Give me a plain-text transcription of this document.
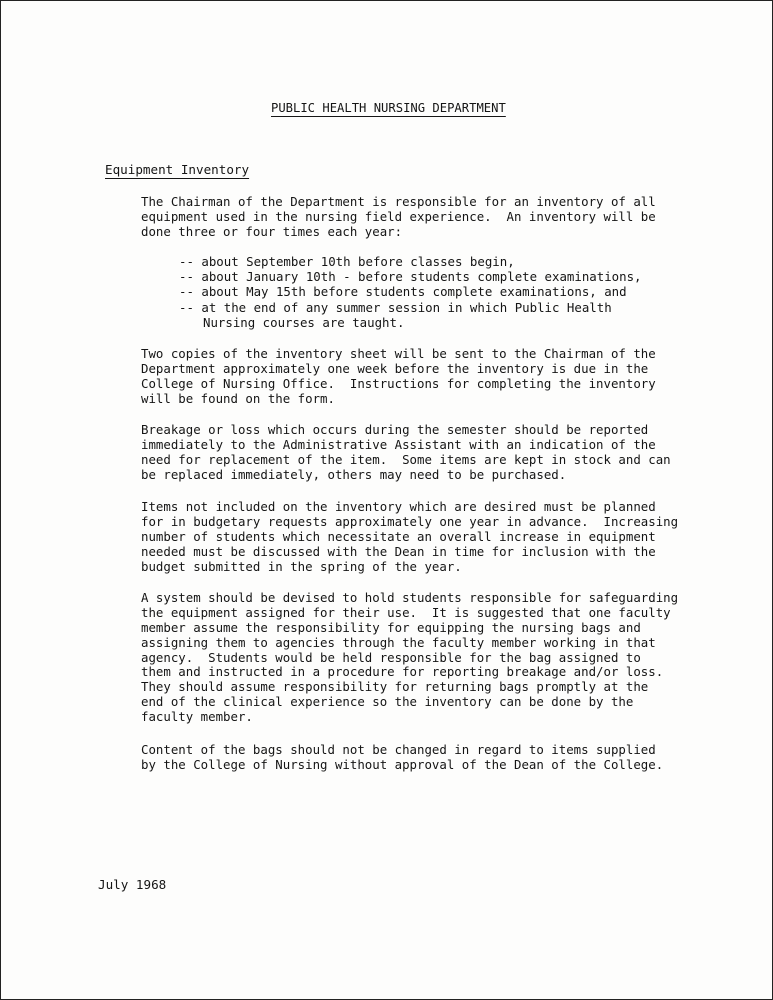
PUBLIC HEALTH NURSING DEPARTMENT
Equipment Inventory
The Chairman of the Department is responsible for an inventory of all
equipment used in the nursing field experience.  An inventory will be
done three or four times each year:
-- about September 10th before classes begin,
-- about January 10th - before students complete examinations,
-- about May 15th before students complete examinations, and
-- at the end of any summer session in which Public Health
Nursing courses are taught.
Two copies of the inventory sheet will be sent to the Chairman of the
Department approximately one week before the inventory is due in the
College of Nursing Office.  Instructions for completing the inventory
will be found on the form.
Breakage or loss which occurs during the semester should be reported
immediately to the Administrative Assistant with an indication of the
need for replacement of the item.  Some items are kept in stock and can
be replaced immediately, others may need to be purchased.
Items not included on the inventory which are desired must be planned
for in budgetary requests approximately one year in advance.  Increasing
number of students which necessitate an overall increase in equipment
needed must be discussed with the Dean in time for inclusion with the
budget submitted in the spring of the year.
A system should be devised to hold students responsible for safeguarding
the equipment assigned for their use.  It is suggested that one faculty
member assume the responsibility for equipping the nursing bags and
assigning them to agencies through the faculty member working in that
agency.  Students would be held responsible for the bag assigned to
them and instructed in a procedure for reporting breakage and/or loss.
They should assume responsibility for returning bags promptly at the
end of the clinical experience so the inventory can be done by the
faculty member.
Content of the bags should not be changed in regard to items supplied
by the College of Nursing without approval of the Dean of the College.
July 1968
